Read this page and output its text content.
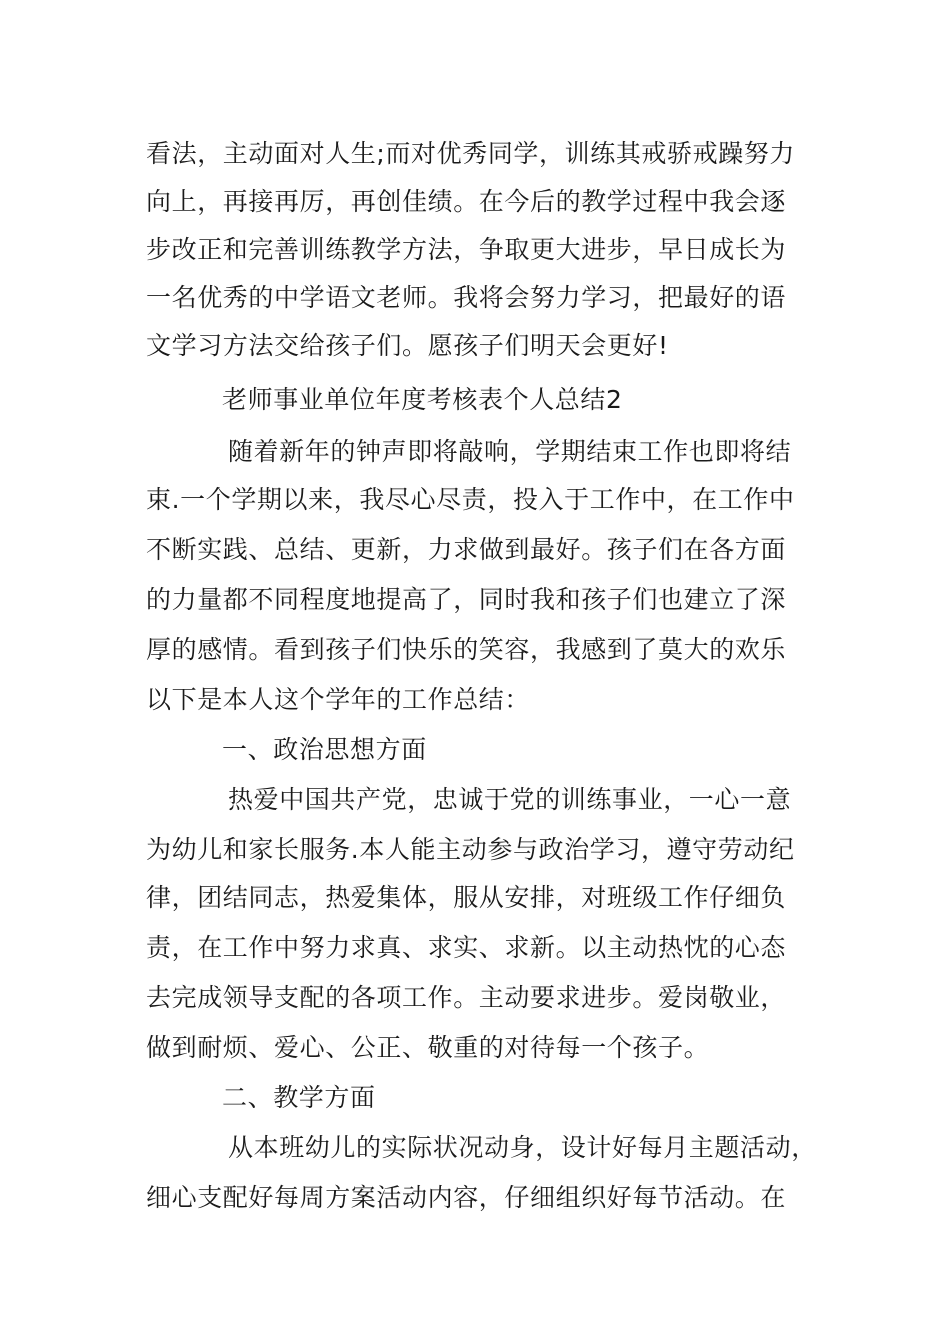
看法，主动面对人生;而对优秀同学，训练其戒骄戒躁努力
向上，再接再厉，再创佳绩。在今后的教学过程中我会逐
步改正和完善训练教学方法，争取更大进步，早日成长为
一名优秀的中学语文老师。我将会努力学习，把最好的语
文学习方法交给孩子们。愿孩子们明天会更好!
老师事业单位年度考核表个人总结2
随着新年的钟声即将敲响，学期结束工作也即将结
束.一个学期以来，我尽心尽责，投入于工作中，在工作中
不断实践、总结、更新，力求做到最好。孩子们在各方面
的力量都不同程度地提高了，同时我和孩子们也建立了深
厚的感情。看到孩子们快乐的笑容，我感到了莫大的欢乐
以下是本人这个学年的工作总结：
一、政治思想方面
热爱中国共产党，忠诚于党的训练事业，一心一意
为幼儿和家长服务.本人能主动参与政治学习，遵守劳动纪
律，团结同志，热爱集体，服从安排，对班级工作仔细负
责，在工作中努力求真、求实、求新。以主动热忱的心态
去完成领导支配的各项工作。主动要求进步。爱岗敬业，
做到耐烦、爱心、公正、敬重的对待每一个孩子。
二、教学方面
从本班幼儿的实际状况动身，设计好每月主题活动，
细心支配好每周方案活动内容，仔细组织好每节活动。在
